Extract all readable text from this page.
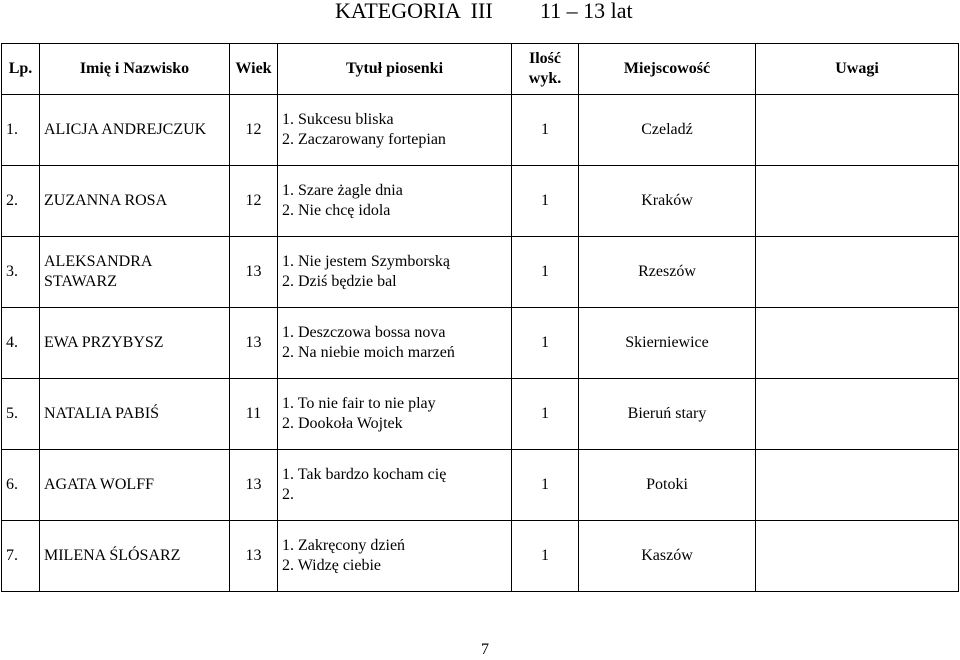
KATEGORIA  III

11 – 13 lat

Lp.	Imię i Nazwisko	Wiek	Tytuł piosenki	Ilość
wyk.	Miejscowość	Uwagi
1.	ALICJA ANDREJCZUK	12	1. Sukcesu bliska
2. Zaczarowany fortepian	1	Czeladź	
2.	ZUZANNA ROSA	12	1. Szare żagle dnia
2. Nie chcę idola	1	Kraków	
3.	ALEKSANDRA STAWARZ	13	1. Nie jestem Szymborską
2. Dziś będzie bal	1	Rzeszów	
4.	EWA PRZYBYSZ	13	1. Deszczowa bossa nova
2. Na niebie moich marzeń	1	Skierniewice	
5.	NATALIA PABIŚ	11	1. To nie fair to nie play
2. Dookoła Wojtek	1	Bieruń stary	
6.	AGATA WOLFF	13	1. Tak bardzo kocham cię
2.	1	Potoki	
7.	MILENA ŚLÓSARZ	13	1. Zakręcony dzień
2. Widzę ciebie	1	Kaszów	
7
